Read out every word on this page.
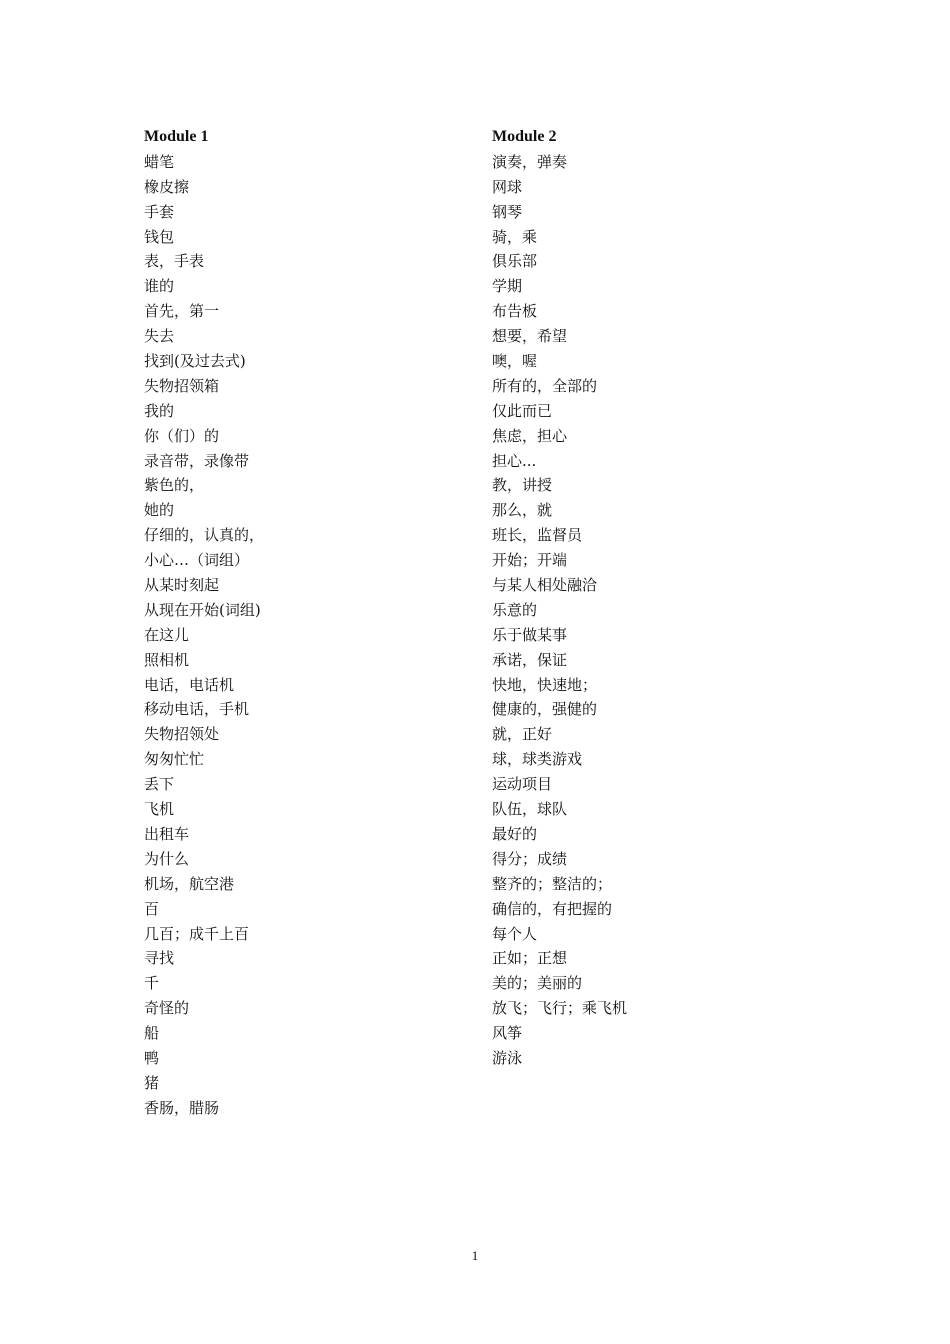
Module 1
蜡笔
橡皮擦
手套
钱包
表，手表
谁的
首先，第一
失去
找到(及过去式)
失物招领箱
我的
你（们）的
录音带，录像带
紫色的，
她的
仔细的，认真的，
小心…（词组）
从某时刻起
从现在开始(词组)
在这儿
照相机
电话，电话机
移动电话，手机
失物招领处
匆匆忙忙
丢下
飞机
出租车
为什么
机场，航空港
百
几百；成千上百
寻找
千
奇怪的
船
鸭
猪
香肠，腊肠
Module 2
演奏，弹奏
网球
钢琴
骑，乘
俱乐部
学期
布告板
想要，希望
噢，喔
所有的，全部的
仅此而已
焦虑，担心
担心...
教，讲授
那么，就
班长，监督员
开始；开端
与某人相处融洽
乐意的
乐于做某事
承诺，保证
快地，快速地；
健康的，强健的
就，正好
球，球类游戏
运动项目
队伍，球队
最好的
得分；成绩
整齐的；整洁的；
确信的，有把握的
每个人
正如；正想
美的；美丽的
放飞；飞行；乘飞机
风筝
游泳
1
